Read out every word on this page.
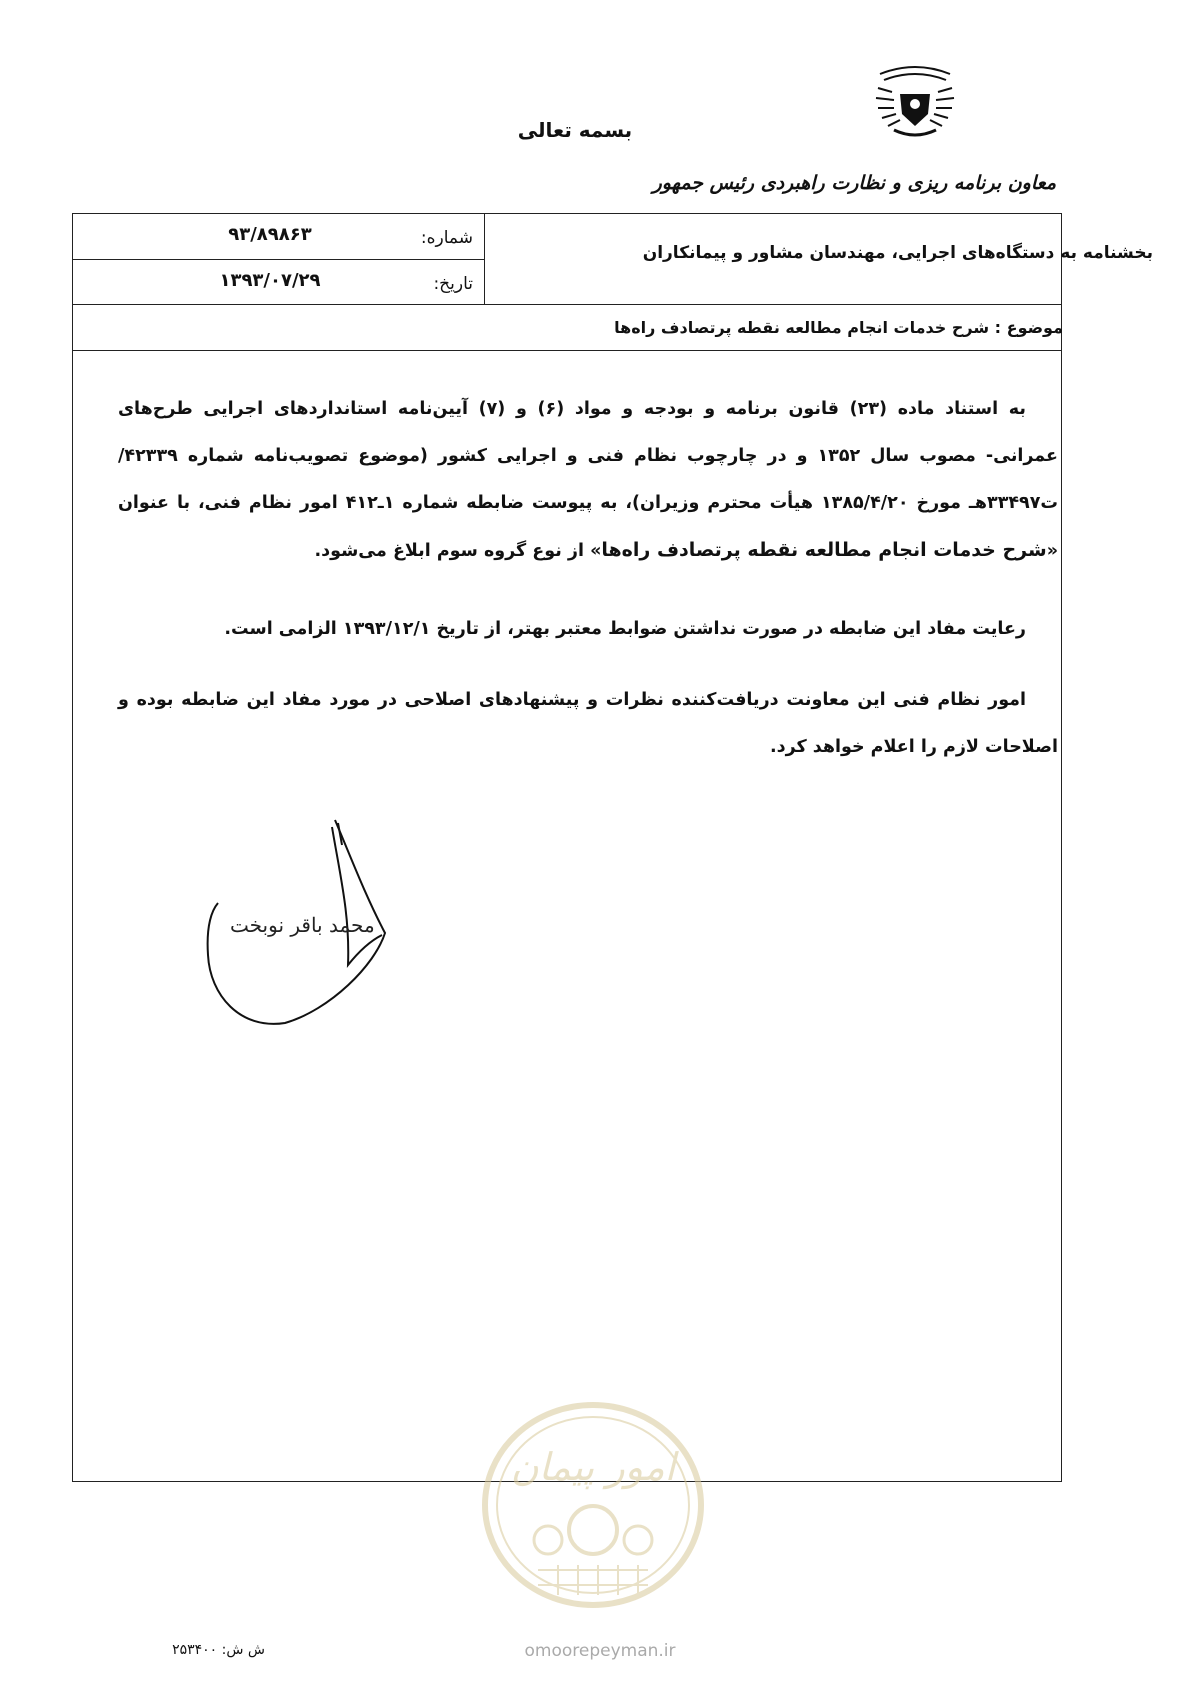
بسمه تعالی
معاون برنامه ریزی و نظارت راهبردی رئیس جمهور
بخشنامه به دستگاه‌های اجرایی، مهندسان مشاور و پیمانکاران
شماره:
۹۳/۸۹۸۶۳
تاریخ:
۱۳۹۳/۰۷/۲۹
موضوع : شرح خدمات انجام مطالعه نقطه پرتصادف راه‌ها
به استناد ماده (۲۳) قانون برنامه و بودجه و مواد (۶) و (۷) آیین‌نامه استانداردهای اجرایی طرح‌های عمرانی- مصوب سال ۱۳۵۲ و در چارچوب نظام فنی و اجرایی کشور (موضوع تصویب‌نامه شماره ۴۲۳۳۹/ت۳۳۴۹۷هـ مورخ ۱۳۸۵/۴/۲۰ هیأت محترم وزیران)، به پیوست ضابطه شماره ۱ـ۴۱۲ امور نظام فنی، با عنوان «شرح خدمات انجام مطالعه نقطه پرتصادف راه‌ها» از نوع گروه سوم ابلاغ می‌شود.
رعایت مفاد این ضابطه در صورت نداشتن ضوابط معتبر بهتر، از تاریخ ۱۳۹۳/۱۲/۱ الزامی است.
امور نظام فنی این معاونت دریافت‌کننده نظرات و پیشنهادهای اصلاحی در مورد مفاد این ضابطه بوده و اصلاحات لازم را اعلام خواهد کرد.
محمد باقر نوبخت
امور پیمان
omoorepeyman.ir
ش ش: ۲۵۳۴۰۰
